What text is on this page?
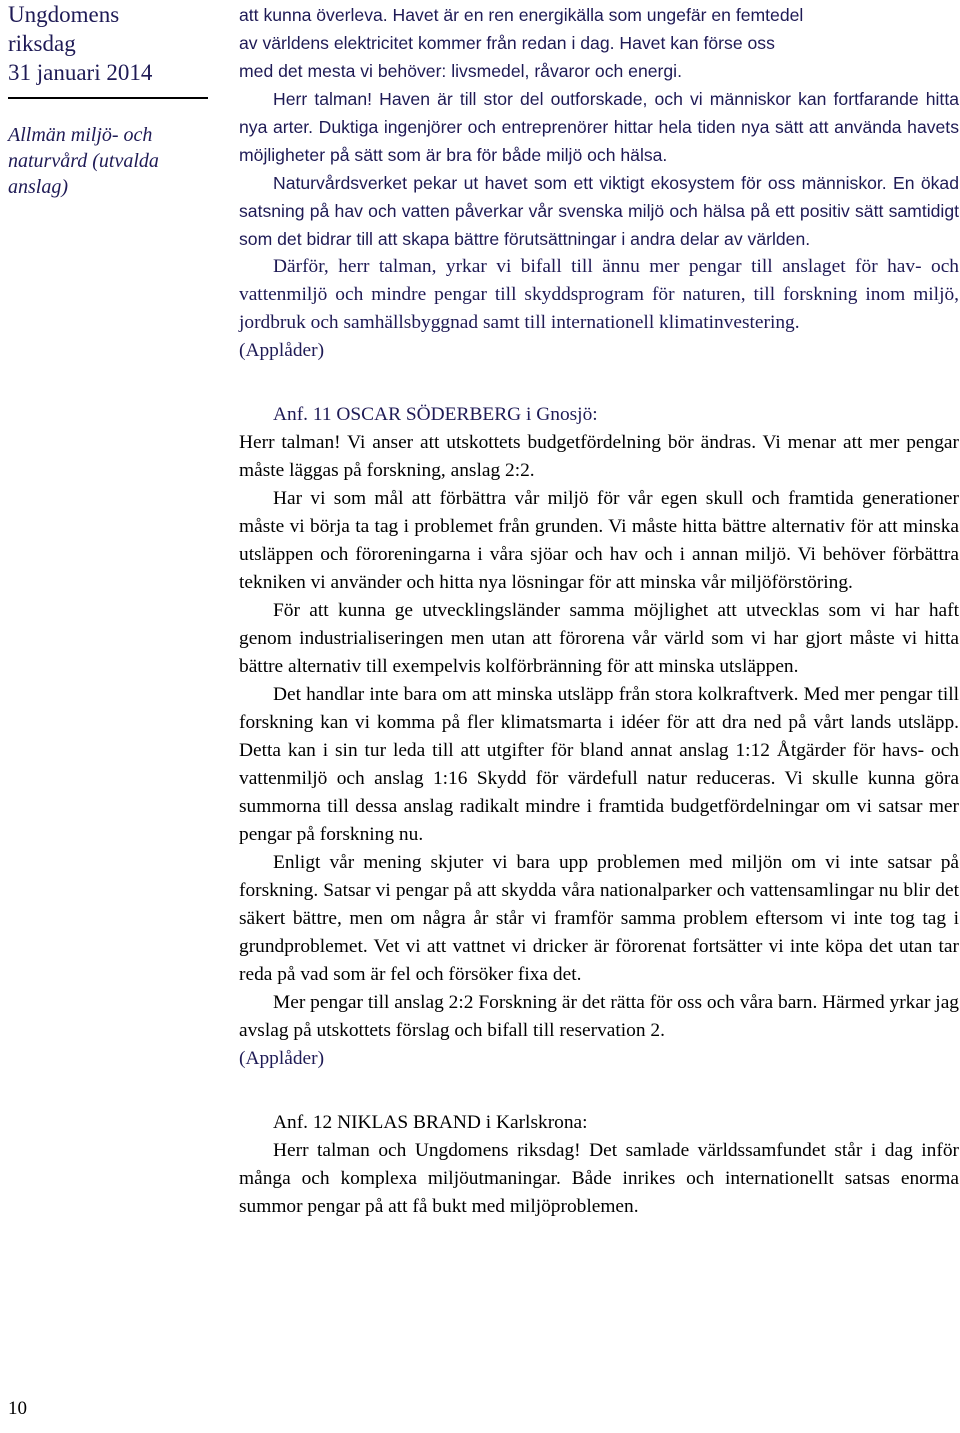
Ungdomens
riksdag
31 januari 2014
Allmän miljö- och
naturvård (utvalda
anslag)
10

att kunna överleva. Havet är en ren energikälla som ungefär en femtedel

av världens elektricitet kommer från redan i dag. Havet kan förse oss

med det mesta vi behöver: livsmedel, råvaror och energi.

Herr talman! Haven är till stor del outforskade, och vi människor kan fortfarande hitta nya arter. Duktiga ingenjörer och entreprenörer hittar hela tiden nya sätt att använda havets möjligheter på sätt som är bra för både miljö och hälsa.

Naturvårdsverket pekar ut havet som ett viktigt ekosystem för oss människor. En ökad satsning på hav och vatten påverkar vår svenska miljö och hälsa på ett positiv sätt samtidigt som det bidrar till att skapa bättre förutsättningar i andra delar av världen.

Därför, herr talman, yrkar vi bifall till ännu mer pengar till anslaget för hav- och vattenmiljö och mindre pengar till skyddsprogram för naturen, till forskning inom miljö, jordbruk och samhällsbyggnad samt till internationell klimatinvestering.

(Applåder)

Anf. 11 OSCAR SÖDERBERG i Gnosjö:

Herr talman! Vi anser att utskottets budgetfördelning bör ändras. Vi menar att mer pengar måste läggas på forskning, anslag 2:2.

Har vi som mål att förbättra vår miljö för vår egen skull och framtida generationer måste vi börja ta tag i problemet från grunden. Vi måste hitta bättre alternativ för att minska utsläppen och föroreningarna i våra sjöar och hav och i annan miljö. Vi behöver förbättra tekniken vi använder och hitta nya lösningar för att minska vår miljöförstöring.

För att kunna ge utvecklingsländer samma möjlighet att utvecklas som vi har haft genom industrialiseringen men utan att förorena vår värld som vi har gjort måste vi hitta bättre alternativ till exempelvis kolförbränning för att minska utsläppen.

Det handlar inte bara om att minska utsläpp från stora kolkraftverk. Med mer pengar till forskning kan vi komma på fler klimatsmarta i idéer för att dra ned på vårt lands utsläpp. Detta kan i sin tur leda till att utgifter för bland annat anslag 1:12 Åtgärder för havs- och vattenmiljö och anslag 1:16 Skydd för värdefull natur reduceras. Vi skulle kunna göra summorna till dessa anslag radikalt mindre i framtida budgetfördelningar om vi satsar mer pengar på forskning nu.

Enligt vår mening skjuter vi bara upp problemen med miljön om vi inte satsar på forskning. Satsar vi pengar på att skydda våra nationalparker och vattensamlingar nu blir det säkert bättre, men om några år står vi framför samma problem eftersom vi inte tog tag i grundproblemet. Vet vi att vattnet vi dricker är förorenat fortsätter vi inte köpa det utan tar reda på vad som är fel och försöker fixa det.

Mer pengar till anslag 2:2 Forskning är det rätta för oss och våra barn. Härmed yrkar jag avslag på utskottets förslag och bifall till reservation 2.

(Applåder)

Anf. 12 NIKLAS BRAND i Karlskrona:

Herr talman och Ungdomens riksdag! Det samlade världssamfundet står i dag inför många och komplexa miljöutmaningar. Både inrikes och internationellt satsas enorma summor pengar på att få bukt med miljöproblemen.
